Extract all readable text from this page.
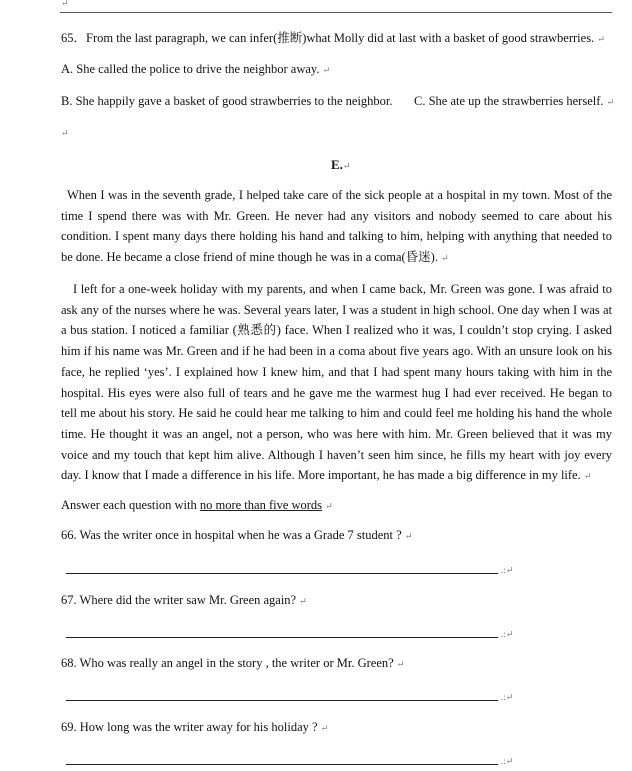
↵
65．From the last paragraph, we can infer(推断)what Molly did at last with a basket of good strawberries. ↵
A. She called the police to drive the neighbor away. ↵
B. She happily gave a basket of good strawberries to the neighbor. C. She ate up the strawberries herself. ↵
↵
E.↵

When I was in the seventh grade, I helped take care of the sick people at a hospital in my town. Most of the time I spend there was with Mr. Green. He never had any visitors and nobody seemed to care about his condition. I spent many days there holding his hand and talking to him, helping with anything that needed to be done. He became a close friend of mine though he was in a coma(昏迷). ↵

I left for a one-week holiday with my parents, and when I came back, Mr. Green was gone. I was afraid to ask any of the nurses where he was. Several years later, I was a student in high school. One day when I was at a bus station. I noticed a familiar (熟悉的) face. When I realized who it was, I couldn’t stop crying. I asked him if his name was Mr. Green and if he had been in a coma about five years ago. With an unsure look on his face, he replied ‘yes’. I explained how I knew him, and that I had spent many hours taking with him in the hospital. His eyes were also full of tears and he gave me the warmest hug I had ever received. He began to tell me about his story. He said he could hear me talking to him and could feel me holding his hand the whole time. He thought it was an angel, not a person, who was here with him. Mr. Green believed that it was my voice and my touch that kept him alive. Although I haven’t seen him since, he fills my heart with joy every day. I know that I made a difference in his life. More important, he has made a big difference in my life. ↵

Answer each question with no more than five words ↵
66. Was the writer once in hospital when he was a Grade 7 student ? ↵
.:↵
67. Where did the writer saw Mr. Green again? ↵
.:↵
68. Who was really an angel in the story , the writer or Mr. Green? ↵
.:↵
69. How long was the writer away for his holiday ? ↵
.:↵
